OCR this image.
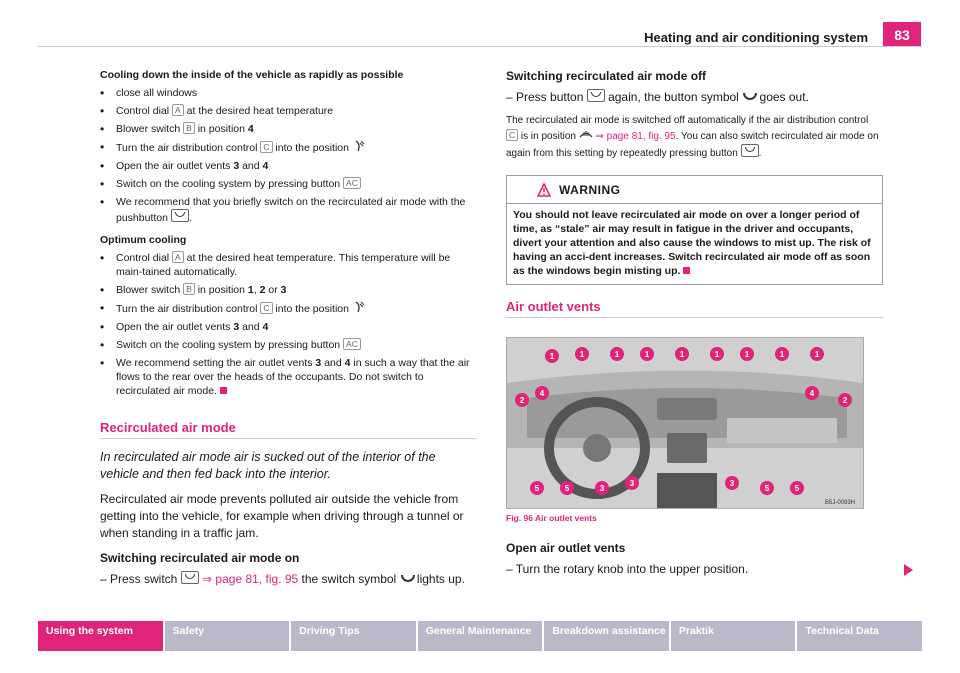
Heating and air conditioning system	83
Cooling down the inside of the vehicle as rapidly as possible
• close all windows
• Control dial A at the desired heat temperature
• Blower switch B in position 4
• Turn the air distribution control C into the position
• Open the air outlet vents 3 and 4
• Switch on the cooling system by pressing button AC
• We recommend that you briefly switch on the recirculated air mode with the pushbutton .
Optimum cooling
• Control dial A at the desired heat temperature. This temperature will be main-tained automatically.
• Blower switch B in position 1, 2 or 3
• Turn the air distribution control C into the position
• Open the air outlet vents 3 and 4
• Switch on the cooling system by pressing button AC
• We recommend setting the air outlet vents 3 and 4 in such a way that the air flows to the rear over the heads of the occupants. Do not switch to recirculated air mode.
Recirculated air mode
In recirculated air mode air is sucked out of the interior of the vehicle and then fed back into the interior.
Recirculated air mode prevents polluted air outside the vehicle from getting into the vehicle, for example when driving through a tunnel or when standing in a traffic jam.
Switching recirculated air mode on
– Press switch ⇒ page 81, fig. 95 the switch symbol lights up.
Switching recirculated air mode off
– Press button again, the button symbol goes out.
The recirculated air mode is switched off automatically if the air distribution control C is in position ⇒ page 81, fig. 95. You can also switch recirculated air mode on again from this setting by repeatedly pressing button .
WARNING
You should not leave recirculated air mode on over a longer period of time, as “stale” air may result in fatigue in the driver and occupants, divert your attention and also cause the windows to mist up. The risk of having an acci-dent increases. Switch recirculated air mode off as soon as the windows begin misting up.
Air outlet vents
B5J-0093H
1	1	1	1	1	1	1	1	1
2	2
4	4
3	3
3
5	5	5	5
Fig. 96 Air outlet vents
Open air outlet vents
– Turn the rotary knob into the upper position.
Using the system	Safety	Driving Tips	General Maintenance	Breakdown assistance	Praktik	Technical Data
